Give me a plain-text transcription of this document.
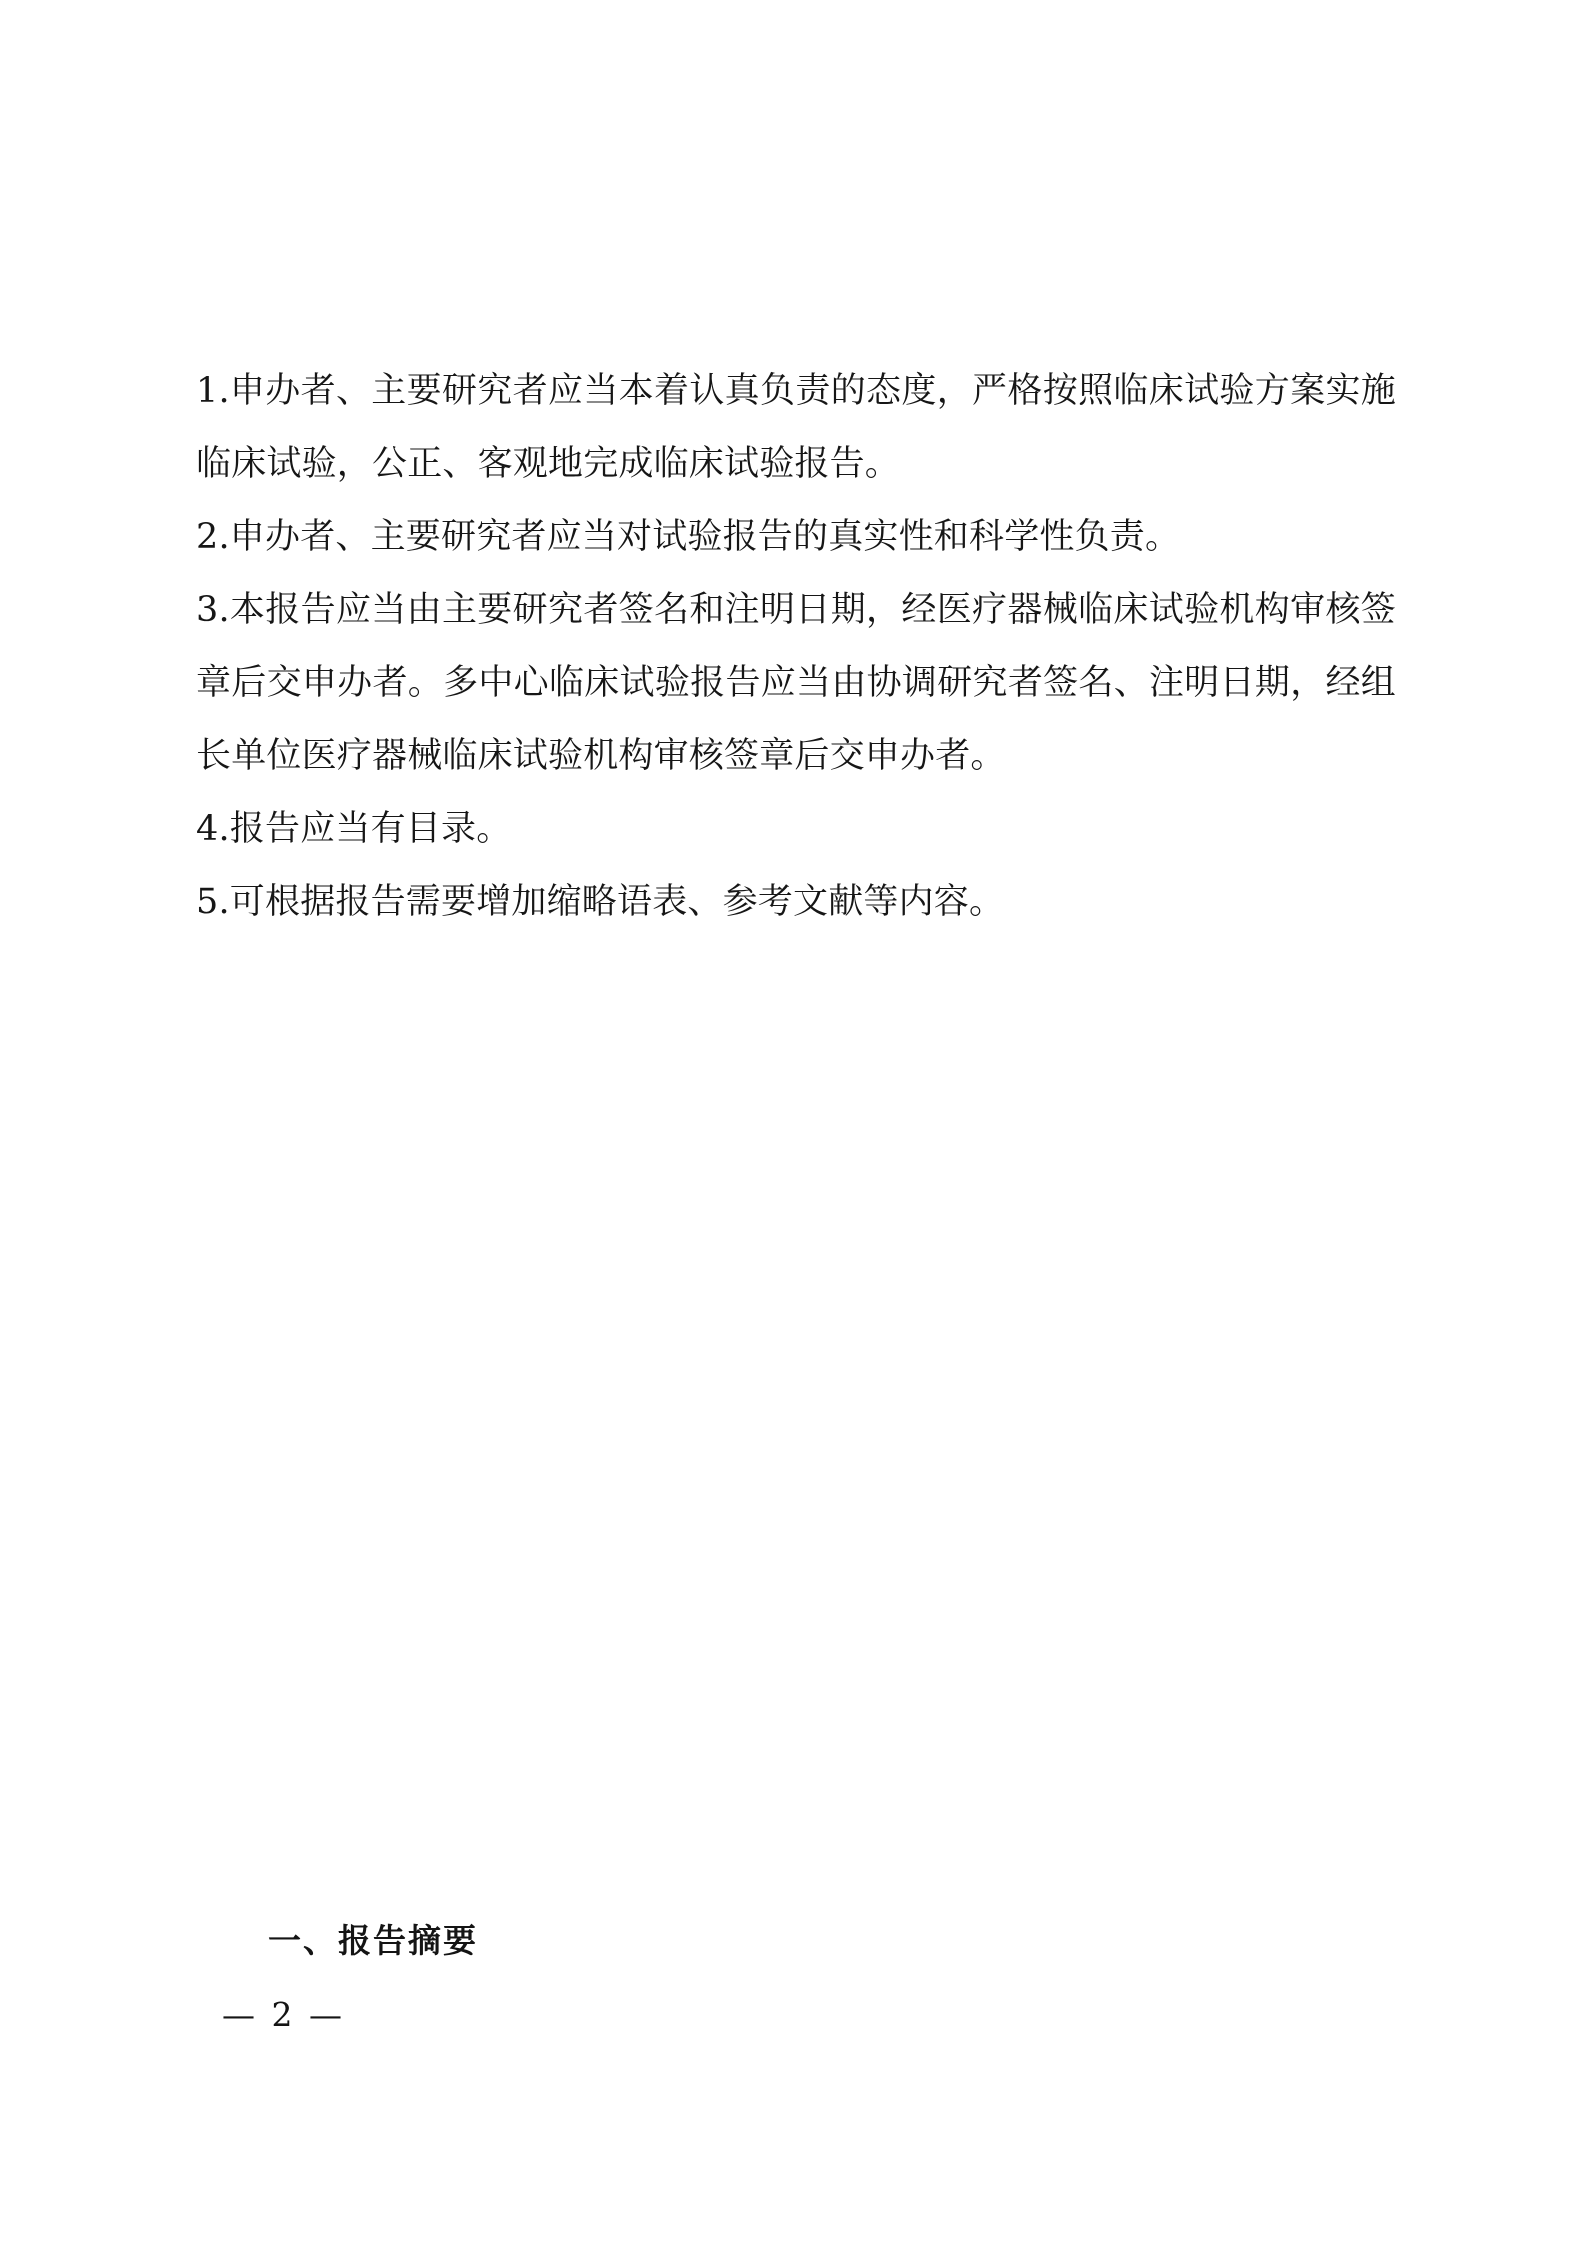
1.申办者、主要研究者应当本着认真负责的态度，严格按照临床试验方案实施临床试验，公正、客观地完成临床试验报告。

2.申办者、主要研究者应当对试验报告的真实性和科学性负责。

3.本报告应当由主要研究者签名和注明日期，经医疗器械临床试验机构审核签章后交申办者。多中心临床试验报告应当由协调研究者签名、注明日期，经组长单位医疗器械临床试验机构审核签章后交申办者。

4.报告应当有目录。

5.可根据报告需要增加缩略语表、参考文献等内容。

一、报告摘要
— 2 —
